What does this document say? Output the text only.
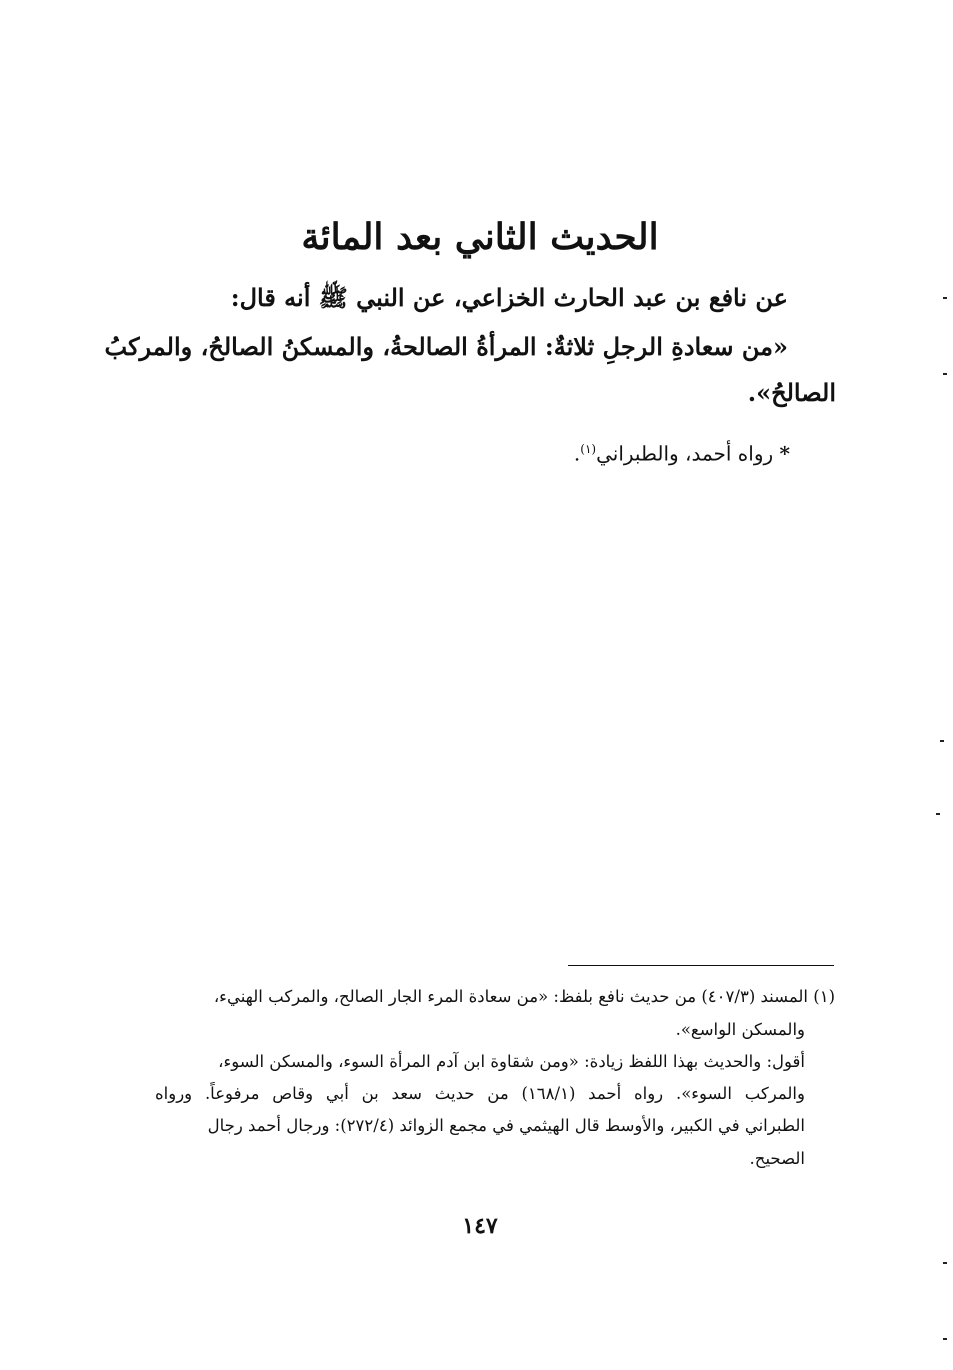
الحديث الثاني بعد المائة
عن نافع بن عبد الحارث الخزاعي، عن النبي ﷺ أنه قال:
«من سعادةِ الرجلِ ثلاثةٌ: المرأةُ الصالحةُ، والمسكنُ الصالحُ، والمركبُ
الصالحُ».
* رواه أحمد، والطبراني$^{(١)}$.
(١) المسند (٤٠٧/٣) من حديث نافع بلفظ: «من سعادة المرء الجار الصالح، والمركب الهنيء،
والمسكن الواسع».
أقول: والحديث بهذا اللفظ زيادة: «ومن شقاوة ابن آدم المرأة السوء، والمسكن السوء،
والمركب السوء». رواه أحمد (١٦٨/١) من حديث سعد بن أبي وقاص مرفوعاً. ورواه
الطبراني في الكبير، والأوسط قال الهيثمي في مجمع الزوائد (٢٧٢/٤): ورجال أحمد رجال
الصحيح.
١٤٧
